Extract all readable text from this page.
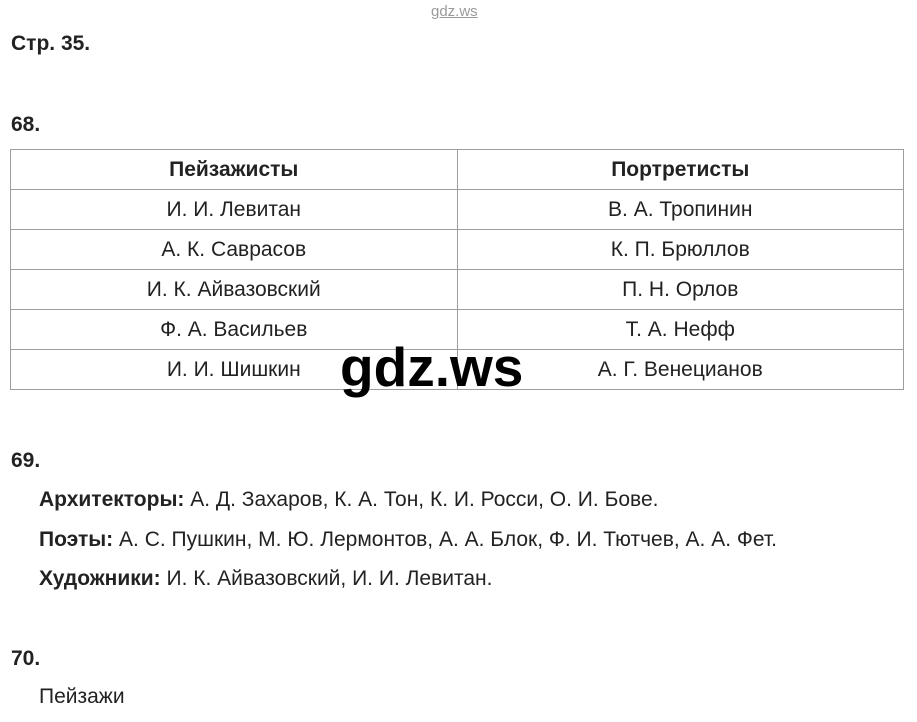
gdz.ws
Стр. 35.
68.
Пейзажисты	Портретисты
И. И. Левитан	В. А. Тропинин
А. К. Саврасов	К. П. Брюллов
И. К. Айвазовский	П. Н. Орлов
Ф. А. Васильев	Т. А. Нефф
И. И. Шишкин	А. Г. Венецианов
gdz.ws
69.
Архитекторы: А. Д. Захаров, К. А. Тон, К. И. Росси, О. И. Бове.
Поэты: А. С. Пушкин, М. Ю. Лермонтов, А. А. Блок, Ф. И. Тютчев, А. А. Фет.
Художники: И. К. Айвазовский, И. И. Левитан.
70.
Пейзажи
